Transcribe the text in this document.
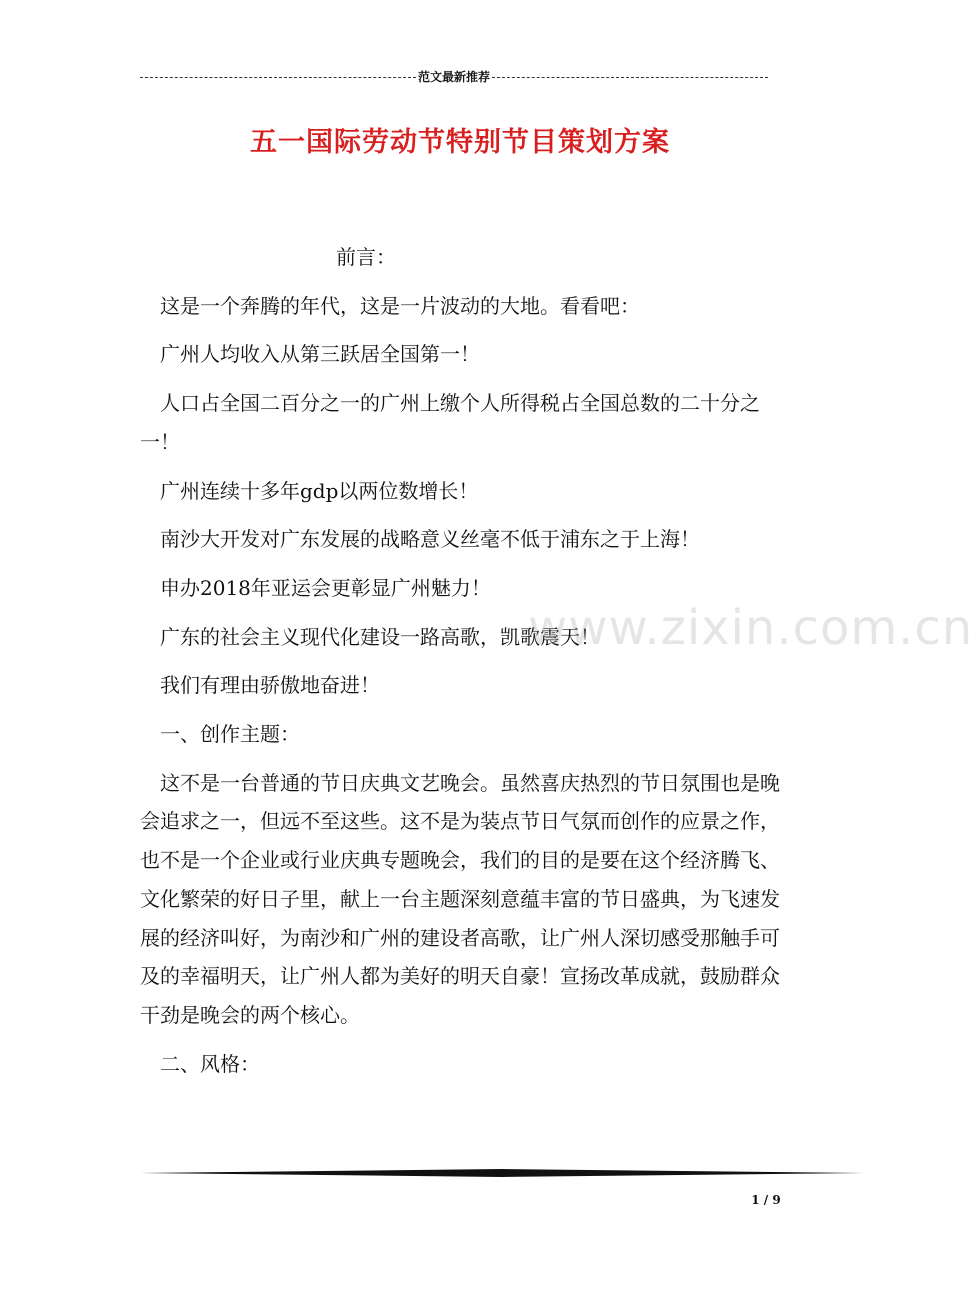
范文最新推荐
五一国际劳动节特别节目策划方案

前言：

这是一个奔腾的年代，这是一片波动的大地。看看吧：

广州人均收入从第三跃居全国第一！

人口占全国二百分之一的广州上缴个人所得税占全国总数的二十分之一！

广州连续十多年gdp以两位数增长！

南沙大开发对广东发展的战略意义丝毫不低于浦东之于上海！

申办2018年亚运会更彰显广州魅力！

广东的社会主义现代化建设一路高歌，凯歌震天！

我们有理由骄傲地奋进！

一、创作主题：

这不是一台普通的节日庆典文艺晚会。虽然喜庆热烈的节日氛围也是晚会追求之一，但远不至这些。这不是为装点节日气氛而创作的应景之作，也不是一个企业或行业庆典专题晚会，我们的目的是要在这个经济腾飞、文化繁荣的好日子里，献上一台主题深刻意蕴丰富的节日盛典，为飞速发展的经济叫好，为南沙和广州的建设者高歌，让广州人深切感受那触手可及的幸福明天，让广州人都为美好的明天自豪！宣扬改革成就，鼓励群众干劲是晚会的两个核心。

二、风格：

www.zixin.com.cn
1 / 9
